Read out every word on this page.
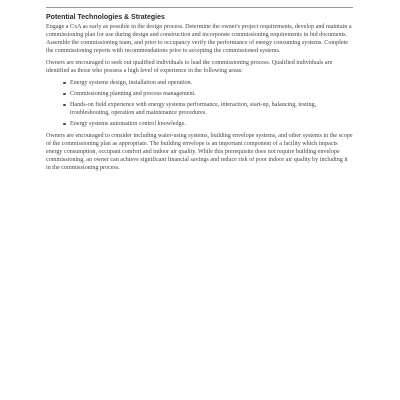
Potential Technologies & Strategies

Engage a CxA as early as possible in the design process. Determine the owner's project requirements, develop and maintain a commissioning plan for use during design and construction and incorporate commissioning requirements in bid documents. Assemble the commissioning team, and prior to occupancy verify the performance of energy consuming systems. Complete the commissioning reports with recommendations prior to accepting the commissioned systems.

Owners are encouraged to seek out qualified individuals to lead the commissioning process. Qualified individuals are identified as those who possess a high level of experience in the following areas:

Energy systems design, installation and operation.
Commissioning planning and process management.
Hands-on field experience with energy systems performance, interaction, start-up, balancing, testing, troubleshooting, operation and maintenance procedures.
Energy systems automation control knowledge.

Owners are encouraged to consider including water-using systems, building envelope systems, and other systems in the scope of the commissioning plan as appropriate. The building envelope is an important component of a facility which impacts energy consumption, occupant comfort and indoor air quality. While this prerequisite does not require building envelope commissioning, an owner can achieve significant financial savings and reduce risk of poor indoor air quality by including it in the commissioning process.
